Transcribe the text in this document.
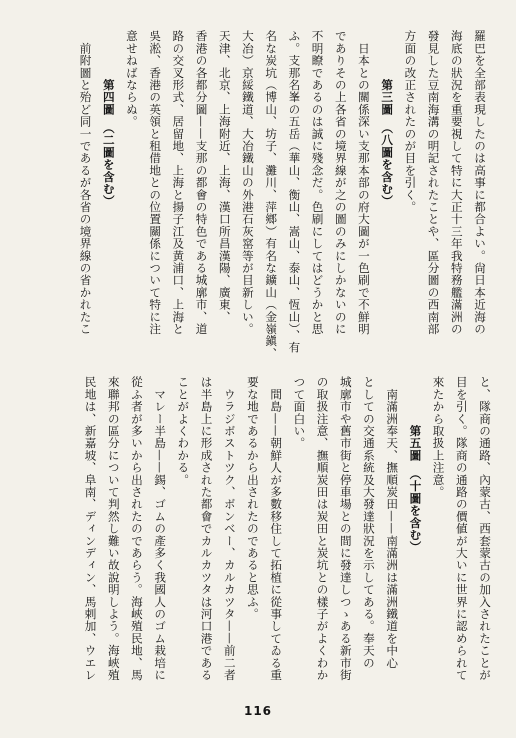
羅巴を全部表現したのは高事に都合よい。尙日本近海の
海底の狀況を重要視して特に大正十三年我特務艦滿洲の
發見した豆南海溝の明記されたことや、區分圖の西南部
方面の改正されたのが目を引く。
　　　　第三圖　（八圖を含む）
　日本との關係深い支那本部の府大圖が一色刷で不鮮明
でありその上各省の境界線が之の圖のみにしかないのに
不明瞭であるのは誠に殘念だ。色刷にしてはどうかと思
ふ。支那名峯の五岳（華山、衡山、嵩山、泰山、恆山）、有
名な炭坑（博山、坊子、灘川、萍鄉）有名な鑛山（金嶺鎭、
大冶）京綏鐵道、大冶鐵山の外港石灰窰等が目新しい。
天津、北京、上海附近、上海、漢口所昌漢陽、廣東、
香港の各都分圖——支那の都會の特色である城廓市、道
路の交叉形式、居留地、上海と揚子江及黄浦口、上海と
吳淞、香港の英領と租借地との位置關係について特に注
意せねばならぬ。
　　　　第四圖　（二圖を含む）
　前附圖と殆ど同一であるが各省の境界線の省かれたこ
と、隊商の通路、內蒙古、西套蒙古の加入されたことが
目を引く。隊商の通路の價値が大いに世界に認められて
來たから取扱上注意。
　　　　第五圖　（十圖を含む）
　南滿洲奉天、撫順炭田——南滿洲は滿洲鐵道を中心
としての交通系統及大發達狀況を示してある。奉天の
城廓市や舊市街と停車場との間に發達しつゝある新市街
の取扱注意、撫順炭田は炭田と炭坑との樣子がよくわか
つて面白い。
　間島——朝鮮人が多數移住して拓植に從事してゐる重
要な地であるから出されたのであると思ふ。
　ウラジボストツク、ボンベー、カルカツタ——前二者
は半島上に形成された都會でカルカツタは河口港である
ことがよくわかる。
　マレー半島——錫、ゴムの產多く我國人のゴム栽培に
從ふ者が多いから出されたのであらう。海峽殖民地、馬
來聯邦の區分について判然し難い故說明しよう。海峽殖
民地は、新嘉坡、阜南、ディンディン、馬剌加、ウエレ
116
